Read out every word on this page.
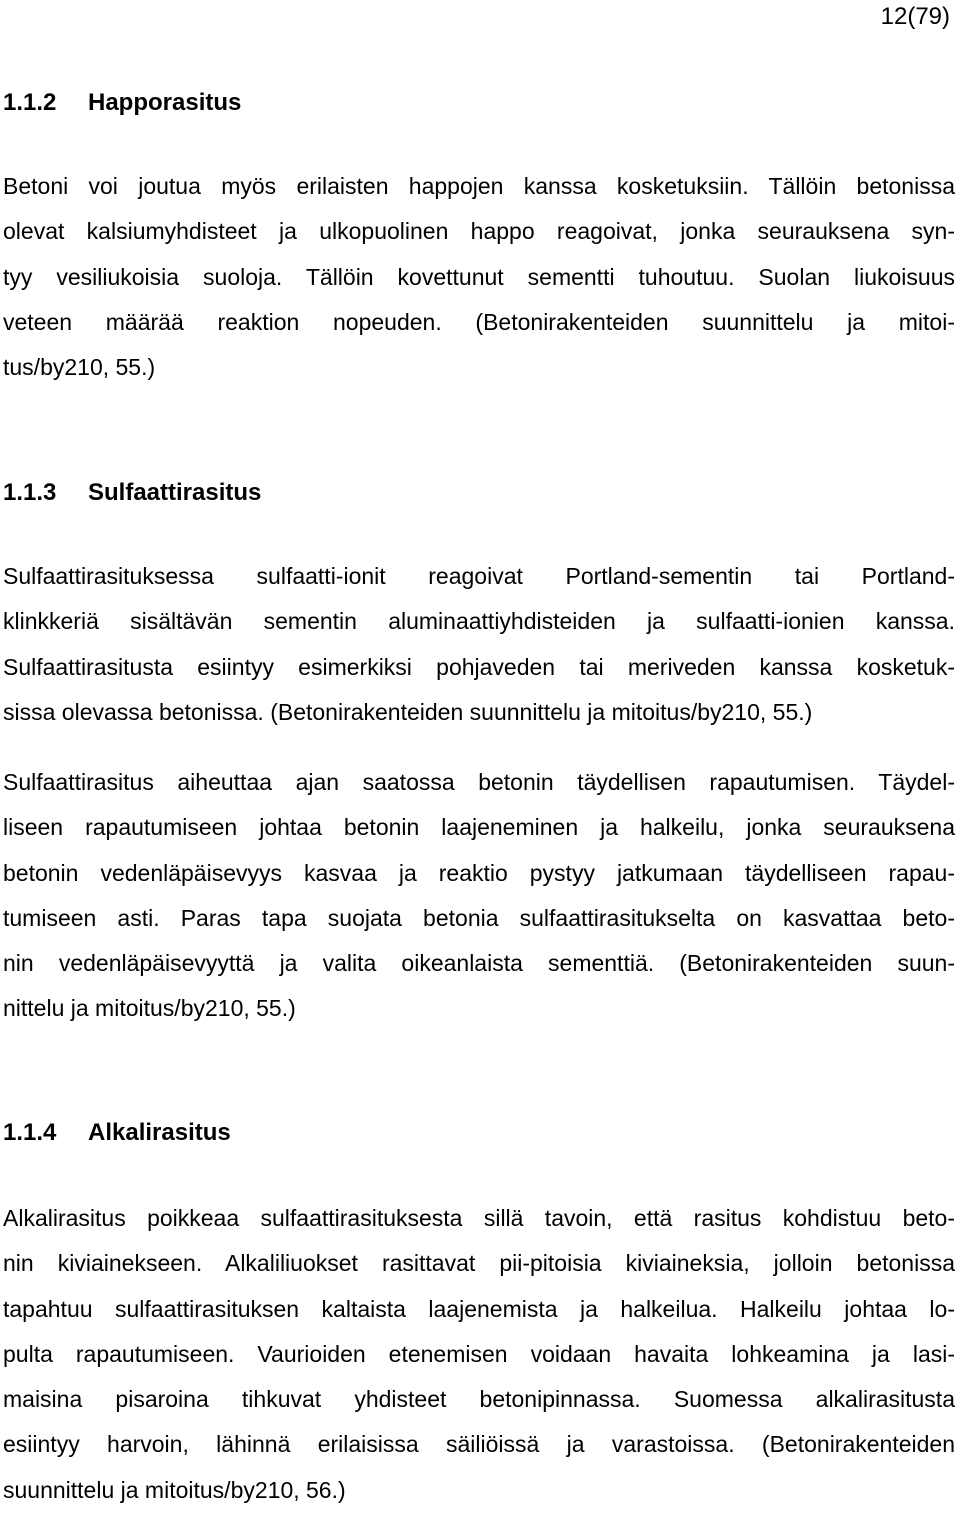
12(79)
1.1.2 Happorasitus
Betoni voi joutua myös erilaisten happojen kanssa kosketuksiin. Tällöin betonissa
olevat kalsiumyhdisteet ja ulkopuolinen happo reagoivat, jonka seurauksena syn-
tyy vesiliukoisia suoloja. Tällöin kovettunut sementti tuhoutuu. Suolan liukoisuus
veteen määrää reaktion nopeuden. (Betonirakenteiden suunnittelu ja mitoi-
tus/by210, 55.)
1.1.3 Sulfaattirasitus
Sulfaattirasituksessa sulfaatti-ionit reagoivat Portland-sementin tai Portland-
klinkkeriä sisältävän sementin aluminaattiyhdisteiden ja sulfaatti-ionien kanssa.
Sulfaattirasitusta esiintyy esimerkiksi pohjaveden tai meriveden kanssa kosketuk-
sissa olevassa betonissa. (Betonirakenteiden suunnittelu ja mitoitus/by210, 55.)
Sulfaattirasitus aiheuttaa ajan saatossa betonin täydellisen rapautumisen. Täydel-
liseen rapautumiseen johtaa betonin laajeneminen ja halkeilu, jonka seurauksena
betonin vedenläpäisevyys kasvaa ja reaktio pystyy jatkumaan täydelliseen rapau-
tumiseen asti. Paras tapa suojata betonia sulfaattirasitukselta on kasvattaa beto-
nin vedenläpäisevyyttä ja valita oikeanlaista sementtiä. (Betonirakenteiden suun-
nittelu ja mitoitus/by210, 55.)
1.1.4 Alkalirasitus
Alkalirasitus poikkeaa sulfaattirasituksesta sillä tavoin, että rasitus kohdistuu beto-
nin kiviainekseen. Alkaliliuokset rasittavat pii-pitoisia kiviaineksia, jolloin betonissa
tapahtuu sulfaattirasituksen kaltaista laajenemista ja halkeilua. Halkeilu johtaa lo-
pulta rapautumiseen. Vaurioiden etenemisen voidaan havaita lohkeamina ja lasi-
maisina pisaroina tihkuvat yhdisteet betonipinnassa. Suomessa alkalirasitusta
esiintyy harvoin, lähinnä erilaisissa säiliöissä ja varastoissa. (Betonirakenteiden
suunnittelu ja mitoitus/by210, 56.)
